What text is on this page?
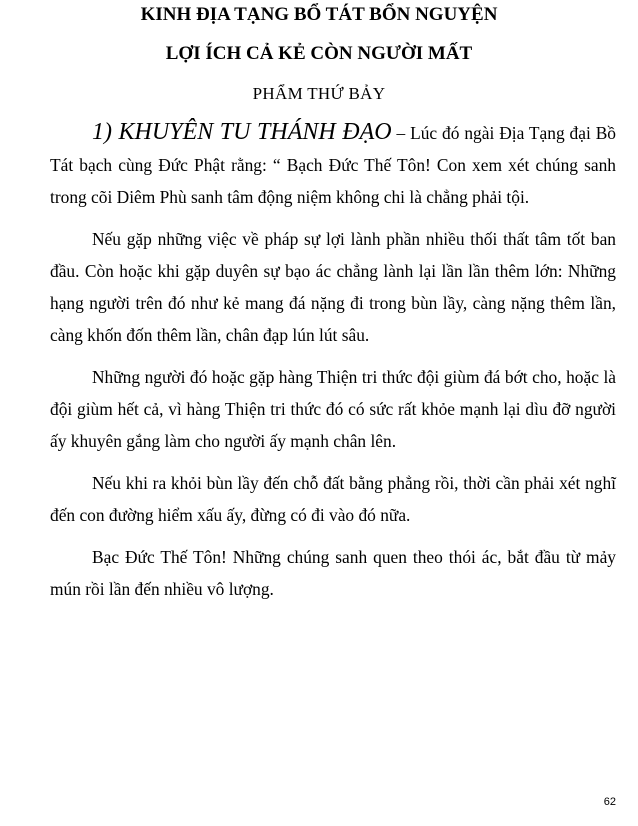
KINH ĐỊA TẠNG BỔ TÁT BỔN NGUYỆN
LỢI ÍCH CẢ KẺ CÒN NGƯỜI MẤT
PHẨM THỨ BẢY

1) KHUYÊN TU THÁNH ĐẠO – Lúc đó ngài Địa Tạng đại Bồ Tát bạch cùng Đức Phật rằng: “ Bạch Đức Thế Tôn! Con xem xét chúng sanh trong cõi Diêm Phù sanh tâm động niệm không chi là chẳng phải tội.

Nếu gặp những việc về pháp sự lợi lành phần nhiều thối thất tâm tốt ban đầu. Còn hoặc khi gặp duyên sự bạo ác chẳng lành lại lần lần thêm lớn: Những hạng người trên đó như kẻ mang đá nặng đi trong bùn lầy, càng nặng thêm lần, càng khốn đốn thêm lần, chân đạp lún lút sâu.

Những người đó hoặc gặp hàng Thiện tri thức đội giùm đá bớt cho, hoặc là đội giùm hết cả, vì hàng Thiện tri thức đó có sức rất khỏe mạnh lại dìu đỡ người ấy khuyên gắng làm cho người ấy mạnh chân lên.

Nếu khi ra khỏi bùn lầy đến chỗ đất bằng phẳng rồi, thời cần phải xét nghĩ đến con đường hiểm xấu ấy, đừng có đi vào đó nữa.

Bạc Đức Thế Tôn! Những chúng sanh quen theo thói ác, bắt đầu từ mảy mún rồi lần đến nhiều vô lượng.

62
